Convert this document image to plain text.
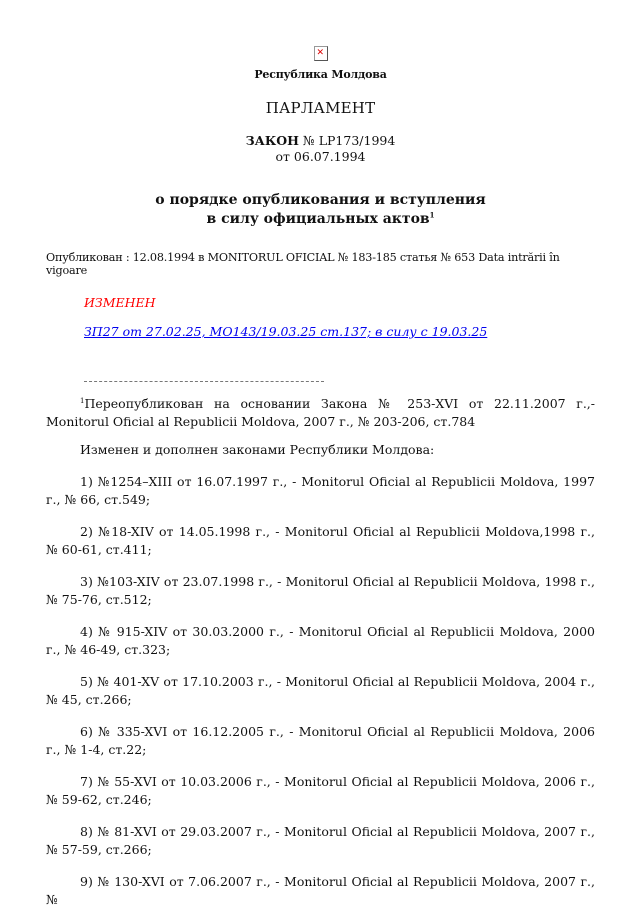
✕
Республика Молдова
ПАРЛАМЕНТ
ЗАКОН № LP173/1994
от 06.07.1994
о порядке опубликования и вступления
в силу официальных актов$^1$
Опубликован : 12.08.1994 в MONITORUL OFICIAL № 183-185 статья № 653 Data intrării în vigoare
ИЗМЕНЕН
ЗП27 от 27.02.25, МО143/19.03.25 ст.137; в силу с 19.03.25

$^1$Переопубликован на основании Закона № 253-XVI от 22.11.2007 г.,- Monitorul Oficial al Republicii Moldova, 2007 г., № 203-206, ст.784

Изменен и дополнен законами Республики Молдова:

1) №1254–XIII от 16.07.1997 г., - Monitorul Oficial al Republicii Moldova, 1997 г., № 66, ст.549;

2) №18-XIV от 14.05.1998 г., - Monitorul Oficial al Republicii Moldova,1998 г., № 60-61, ст.411;

3) №103-XIV от 23.07.1998 г., - Monitorul Oficial al Republicii Moldova, 1998 г., № 75-76, ст.512;

4) № 915-XIV от 30.03.2000 г., - Monitorul Oficial al Republicii Moldova, 2000 г., № 46-49, ст.323;

5) № 401-XV от 17.10.2003 г., - Monitorul Oficial al Republicii Moldova, 2004 г., № 45, ст.266;

6) № 335-XVI от 16.12.2005 г., - Monitorul Oficial al Republicii Moldova, 2006 г., № 1-4, ст.22;

7) № 55-XVI от 10.03.2006 г., - Monitorul Oficial al Republicii Moldova, 2006 г., № 59-62, ст.246;

8) № 81-XVI от 29.03.2007 г., - Monitorul Oficial al Republicii Moldova, 2007 г., № 57-59, ст.266;

9) № 130-XVI от 7.06.2007 г., - Monitorul Oficial al Republicii Moldova, 2007 г., №
